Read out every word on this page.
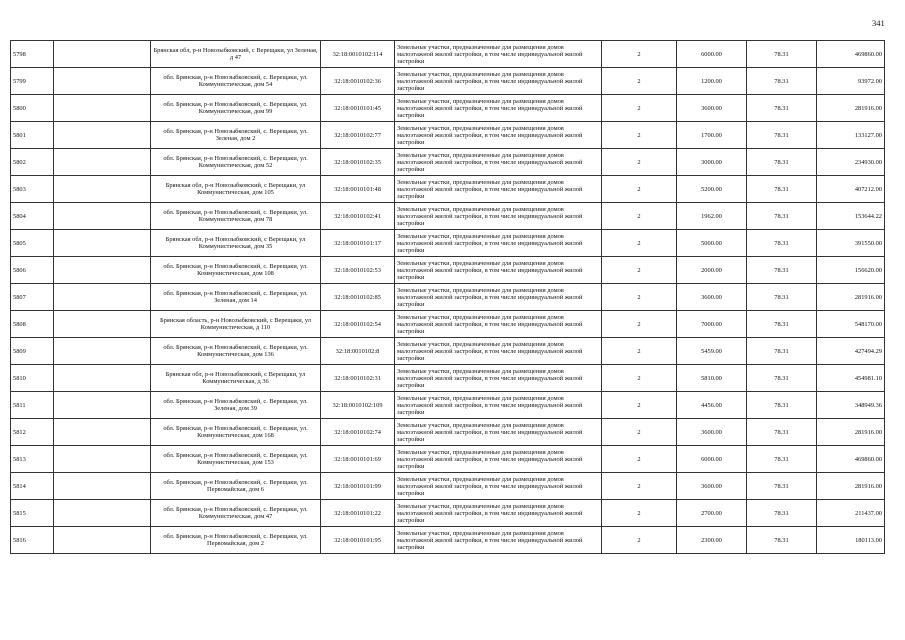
341
5798		Брянская обл, р-н Новозыбковский, с Верещаки, ул Зеленая, д 47	32:18:0010102:114	Земельные участки, предназначенные для размещения домов малоэтажной жилой застройки, в том числе индивидуальной жилой застройки	2	6000.00	78.31	469860.00
5799		обл. Брянская, р-н Новозыбковский, с. Верещаки, ул. Коммунистическая, дом 54	32:18:0010102:36	Земельные участки, предназначенные для размещения домов малоэтажной жилой застройки, в том числе индивидуальной жилой застройки	2	1200.00	78.31	93972.00
5800		обл. Брянская, р-н Новозыбковский, с. Верещаки, ул. Коммунистическая, дом 99	32:18:0010101:45	Земельные участки, предназначенные для размещения домов малоэтажной жилой застройки, в том числе индивидуальной жилой застройки	2	3600.00	78.31	281916.00
5801		обл. Брянская, р-н Новозыбковский, с. Верещаки, ул. Зеленая, дом 2	32:18:0010102:77	Земельные участки, предназначенные для размещения домов малоэтажной жилой застройки, в том числе индивидуальной жилой застройки	2	1700.00	78.31	133127.00
5802		обл. Брянская, р-н Новозыбковский, с. Верещаки, ул. Коммунистическая, дом 52	32:18:0010102:35	Земельные участки, предназначенные для размещения домов малоэтажной жилой застройки, в том числе индивидуальной жилой застройки	2	3000.00	78.31	234930.00
5803		Брянская обл, р-н Новозыбковский, с Верещаки, ул Коммунистическая, дом 105	32:18:0010101:48	Земельные участки, предназначенные для размещения домов малоэтажной жилой застройки, в том числе индивидуальной жилой застройки	2	5200.00	78.31	407212.00
5804		обл. Брянская, р-н Новозыбковский, с. Верещаки, ул. Коммунистическая, дом 78	32:18:0010102:41	Земельные участки, предназначенные для размещения домов малоэтажной жилой застройки, в том числе индивидуальной жилой застройки	2	1962.00	78.31	153644.22
5805		Брянская обл, р-н Новозыбковский, с Верещаки, ул Коммунистическая, дом 35	32:18:0010101:17	Земельные участки, предназначенные для размещения домов малоэтажной жилой застройки, в том числе индивидуальной жилой застройки	2	5000.00	78.31	391550.00
5806		обл. Брянская, р-н Новозыбковский, с. Верещаки, ул. Коммунистическая, дом 108	32:18:0010102:53	Земельные участки, предназначенные для размещения домов малоэтажной жилой застройки, в том числе индивидуальной жилой застройки	2	2000.00	78.31	156620.00
5807		обл. Брянская, р-н Новозыбковский, с. Верещаки, ул. Зеленая, дом 14	32:18:0010102:85	Земельные участки, предназначенные для размещения домов малоэтажной жилой застройки, в том числе индивидуальной жилой застройки	2	3600.00	78.31	281916.00
5808		Брянская область, р-н Новозыбковский, с Верещаки, ул Коммунистическая, д 110	32:18:0010102:54	Земельные участки, предназначенные для размещения домов малоэтажной жилой застройки, в том числе индивидуальной жилой застройки	2	7000.00	78.31	548170.00
5809		обл. Брянская, р-н Новозыбковский, с. Верещаки, ул. Коммунистическая, дом 136	32:18:0010102:8	Земельные участки, предназначенные для размещения домов малоэтажной жилой застройки, в том числе индивидуальной жилой застройки	2	5459.00	78.31	427494.29
5810		Брянская обл, р-н Новозыбковский, с Верещаки, ул Коммунистическая, д 36	32:18:0010102:31	Земельные участки, предназначенные для размещения домов малоэтажной жилой застройки, в том числе индивидуальной жилой застройки	2	5810.00	78.31	454981.10
5811		обл. Брянская, р-н Новозыбковский, с. Верещаки, ул. Зеленая, дом 39	32:18:0010102:109	Земельные участки, предназначенные для размещения домов малоэтажной жилой застройки, в том числе индивидуальной жилой застройки	2	4456.00	78.31	348949.36
5812		обл. Брянская, р-н Новозыбковский, с. Верещаки, ул. Коммунистическая, дом 168	32:18:0010102:74	Земельные участки, предназначенные для размещения домов малоэтажной жилой застройки, в том числе индивидуальной жилой застройки	2	3600.00	78.31	281916.00
5813		обл. Брянская, р-н Новозыбковский, с. Верещаки, ул. Коммунистическая, дом 153	32:18:0010101:69	Земельные участки, предназначенные для размещения домов малоэтажной жилой застройки, в том числе индивидуальной жилой застройки	2	6000.00	78.31	469860.00
5814		обл. Брянская, р-н Новозыбковский, с. Верещаки, ул. Первомайская, дом 6	32:18:0010101:99	Земельные участки, предназначенные для размещения домов малоэтажной жилой застройки, в том числе индивидуальной жилой застройки	2	3600.00	78.31	281916.00
5815		обл. Брянская, р-н Новозыбковский, с. Верещаки, ул. Коммунистическая, дом 47	32:18:0010101:22	Земельные участки, предназначенные для размещения домов малоэтажной жилой застройки, в том числе индивидуальной жилой застройки	2	2700.00	78.31	211437.00
5816		обл. Брянская, р-н Новозыбковский, с. Верещаки, ул. Первомайская, дом 2	32:18:0010101:95	Земельные участки, предназначенные для размещения домов малоэтажной жилой застройки, в том числе индивидуальной жилой застройки	2	2300.00	78.31	180113.00
